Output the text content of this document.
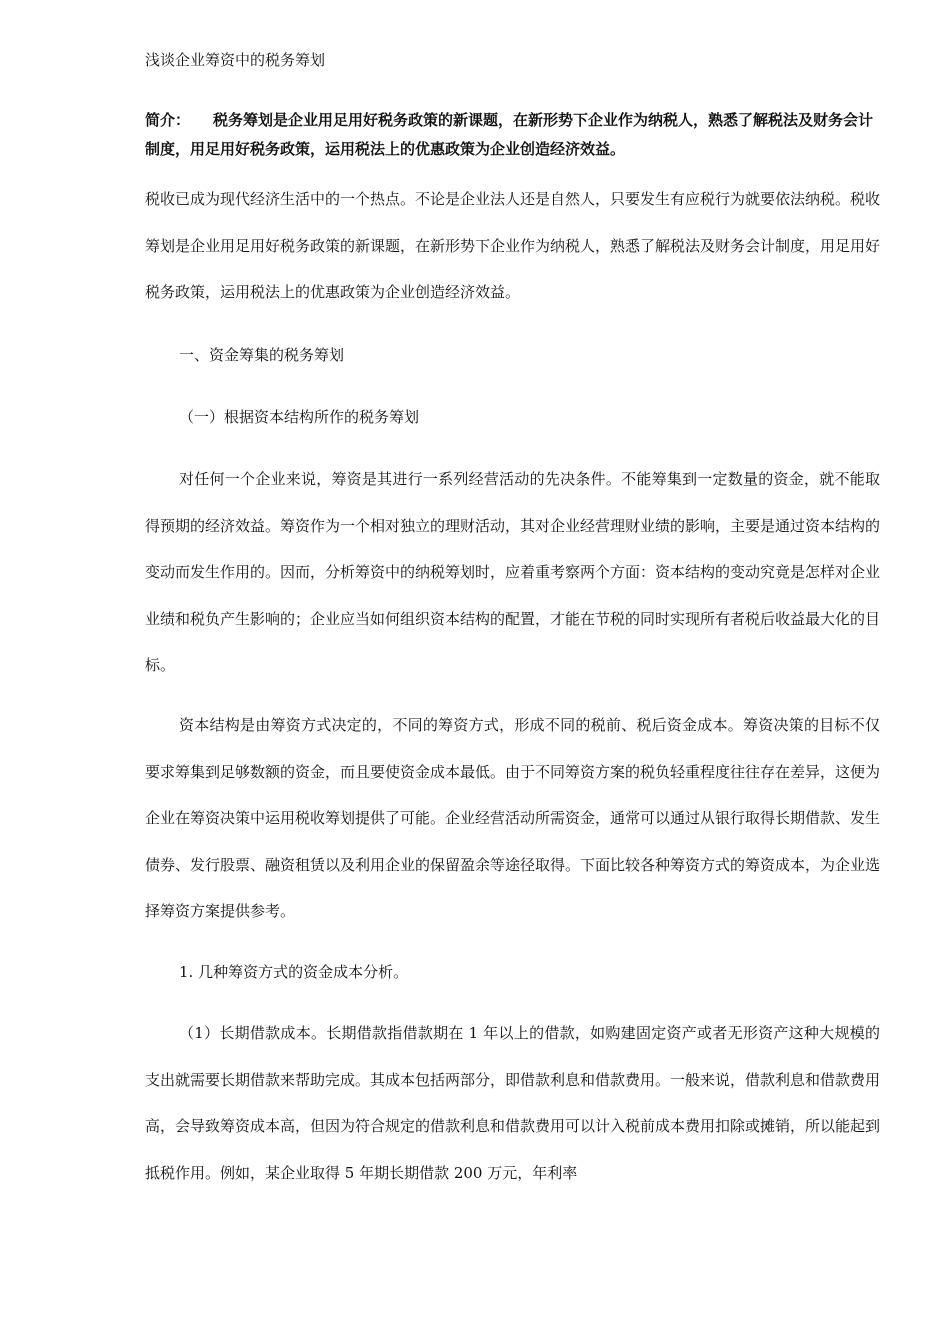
浅谈企业筹资中的税务筹划

简介： 税务筹划是企业用足用好税务政策的新课题，在新形势下企业作为纳税人，熟悉了解税法及财务会计制度，用足用好税务政策，运用税法上的优惠政策为企业创造经济效益。

税收已成为现代经济生活中的一个热点。不论是企业法人还是自然人，只要发生有应税行为就要依法纳税。税收筹划是企业用足用好税务政策的新课题，在新形势下企业作为纳税人，熟悉了解税法及财务会计制度，用足用好税务政策，运用税法上的优惠政策为企业创造经济效益。

一、资金筹集的税务筹划

（一）根据资本结构所作的税务筹划

对任何一个企业来说，筹资是其进行一系列经营活动的先决条件。不能筹集到一定数量的资金，就不能取得预期的经济效益。筹资作为一个相对独立的理财活动，其对企业经营理财业绩的影响，主要是通过资本结构的变动而发生作用的。因而，分析筹资中的纳税筹划时，应着重考察两个方面：资本结构的变动究竟是怎样对企业业绩和税负产生影响的；企业应当如何组织资本结构的配置，才能在节税的同时实现所有者税后收益最大化的目标。

资本结构是由筹资方式决定的，不同的筹资方式，形成不同的税前、税后资金成本。筹资决策的目标不仅要求筹集到足够数额的资金，而且要使资金成本最低。由于不同筹资方案的税负轻重程度往往存在差异，这便为企业在筹资决策中运用税收筹划提供了可能。企业经营活动所需资金，通常可以通过从银行取得长期借款、发生债券、发行股票、融资租赁以及利用企业的保留盈余等途径取得。下面比较各种筹资方式的筹资成本，为企业选择筹资方案提供参考。

1. 几种筹资方式的资金成本分析。

（1）长期借款成本。长期借款指借款期在 1 年以上的借款，如购建固定资产或者无形资产这种大规模的支出就需要长期借款来帮助完成。其成本包括两部分，即借款利息和借款费用。一般来说，借款利息和借款费用高，会导致筹资成本高，但因为符合规定的借款利息和借款费用可以计入税前成本费用扣除或摊销，所以能起到抵税作用。例如，某企业取得 5 年期长期借款 200 万元，年利率
